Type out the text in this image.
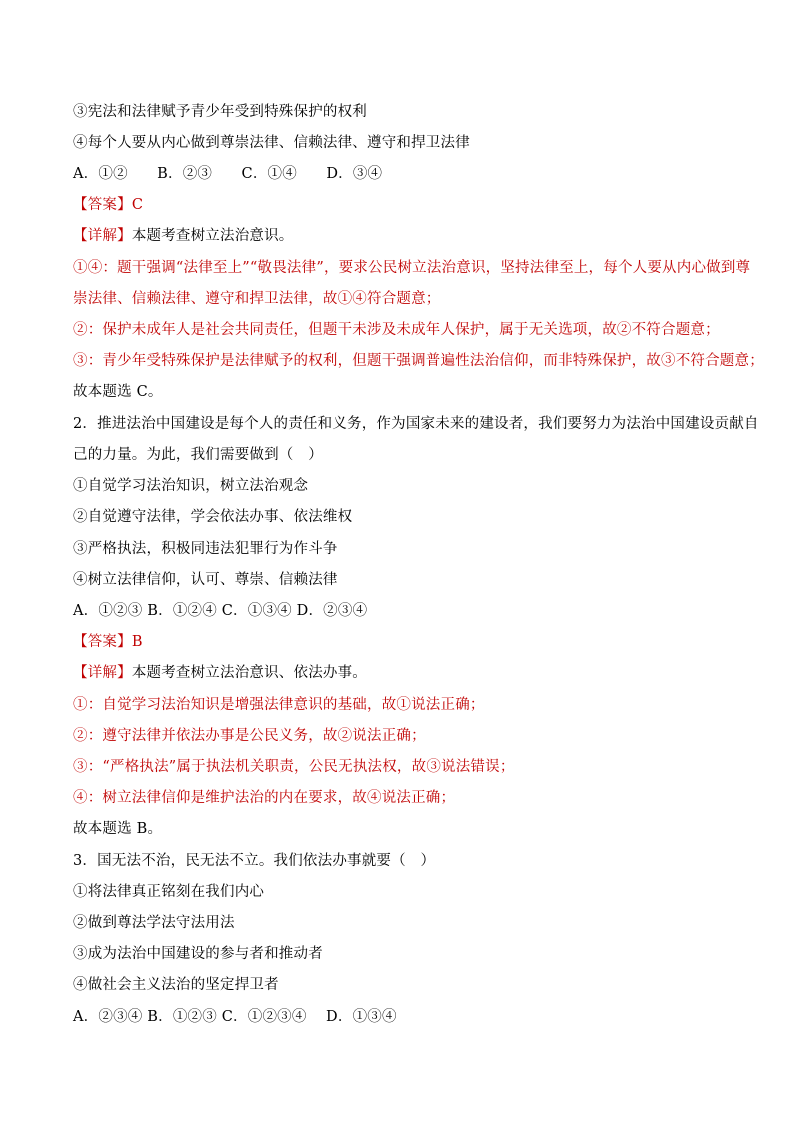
③宪法和法律赋予青少年受到特殊保护的权利
④每个人要从内心做到尊崇法律、信赖法律、遵守和捍卫法律
A．①②　　B．②③　　C．①④　　D．③④
【答案】C
【详解】本题考查树立法治意识。
①④：题干强调“法律至上”“敬畏法律”，要求公民树立法治意识，坚持法律至上，每个人要从内心做到尊
崇法律、信赖法律、遵守和捍卫法律，故①④符合题意；
②：保护未成年人是社会共同责任，但题干未涉及未成年人保护，属于无关选项，故②不符合题意；
③：青少年受特殊保护是法律赋予的权利，但题干强调普遍性法治信仰，而非特殊保护，故③不符合题意；
故本题选 C。
2．推进法治中国建设是每个人的责任和义务，作为国家未来的建设者，我们要努力为法治中国建设贡献自
己的力量。为此，我们需要做到（　）
①自觉学习法治知识，树立法治观念
②自觉遵守法律，学会依法办事、依法维权
③严格执法，积极同违法犯罪行为作斗争
④树立法律信仰，认可、尊崇、信赖法律
A．①②③ B．①②④ C．①③④ D．②③④
【答案】B
【详解】本题考查树立法治意识、依法办事。
①：自觉学习法治知识是增强法律意识的基础，故①说法正确；
②：遵守法律并依法办事是公民义务，故②说法正确；
③：“严格执法”属于执法机关职责，公民无执法权，故③说法错误；
④：树立法律信仰是维护法治的内在要求，故④说法正确；
故本题选 B。
3．国无法不治，民无法不立。我们依法办事就要（　）
①将法律真正铭刻在我们内心
②做到尊法学法守法用法
③成为法治中国建设的参与者和推动者
④做社会主义法治的坚定捍卫者
A．②③④ B．①②③ C．①②③④　 D．①③④
